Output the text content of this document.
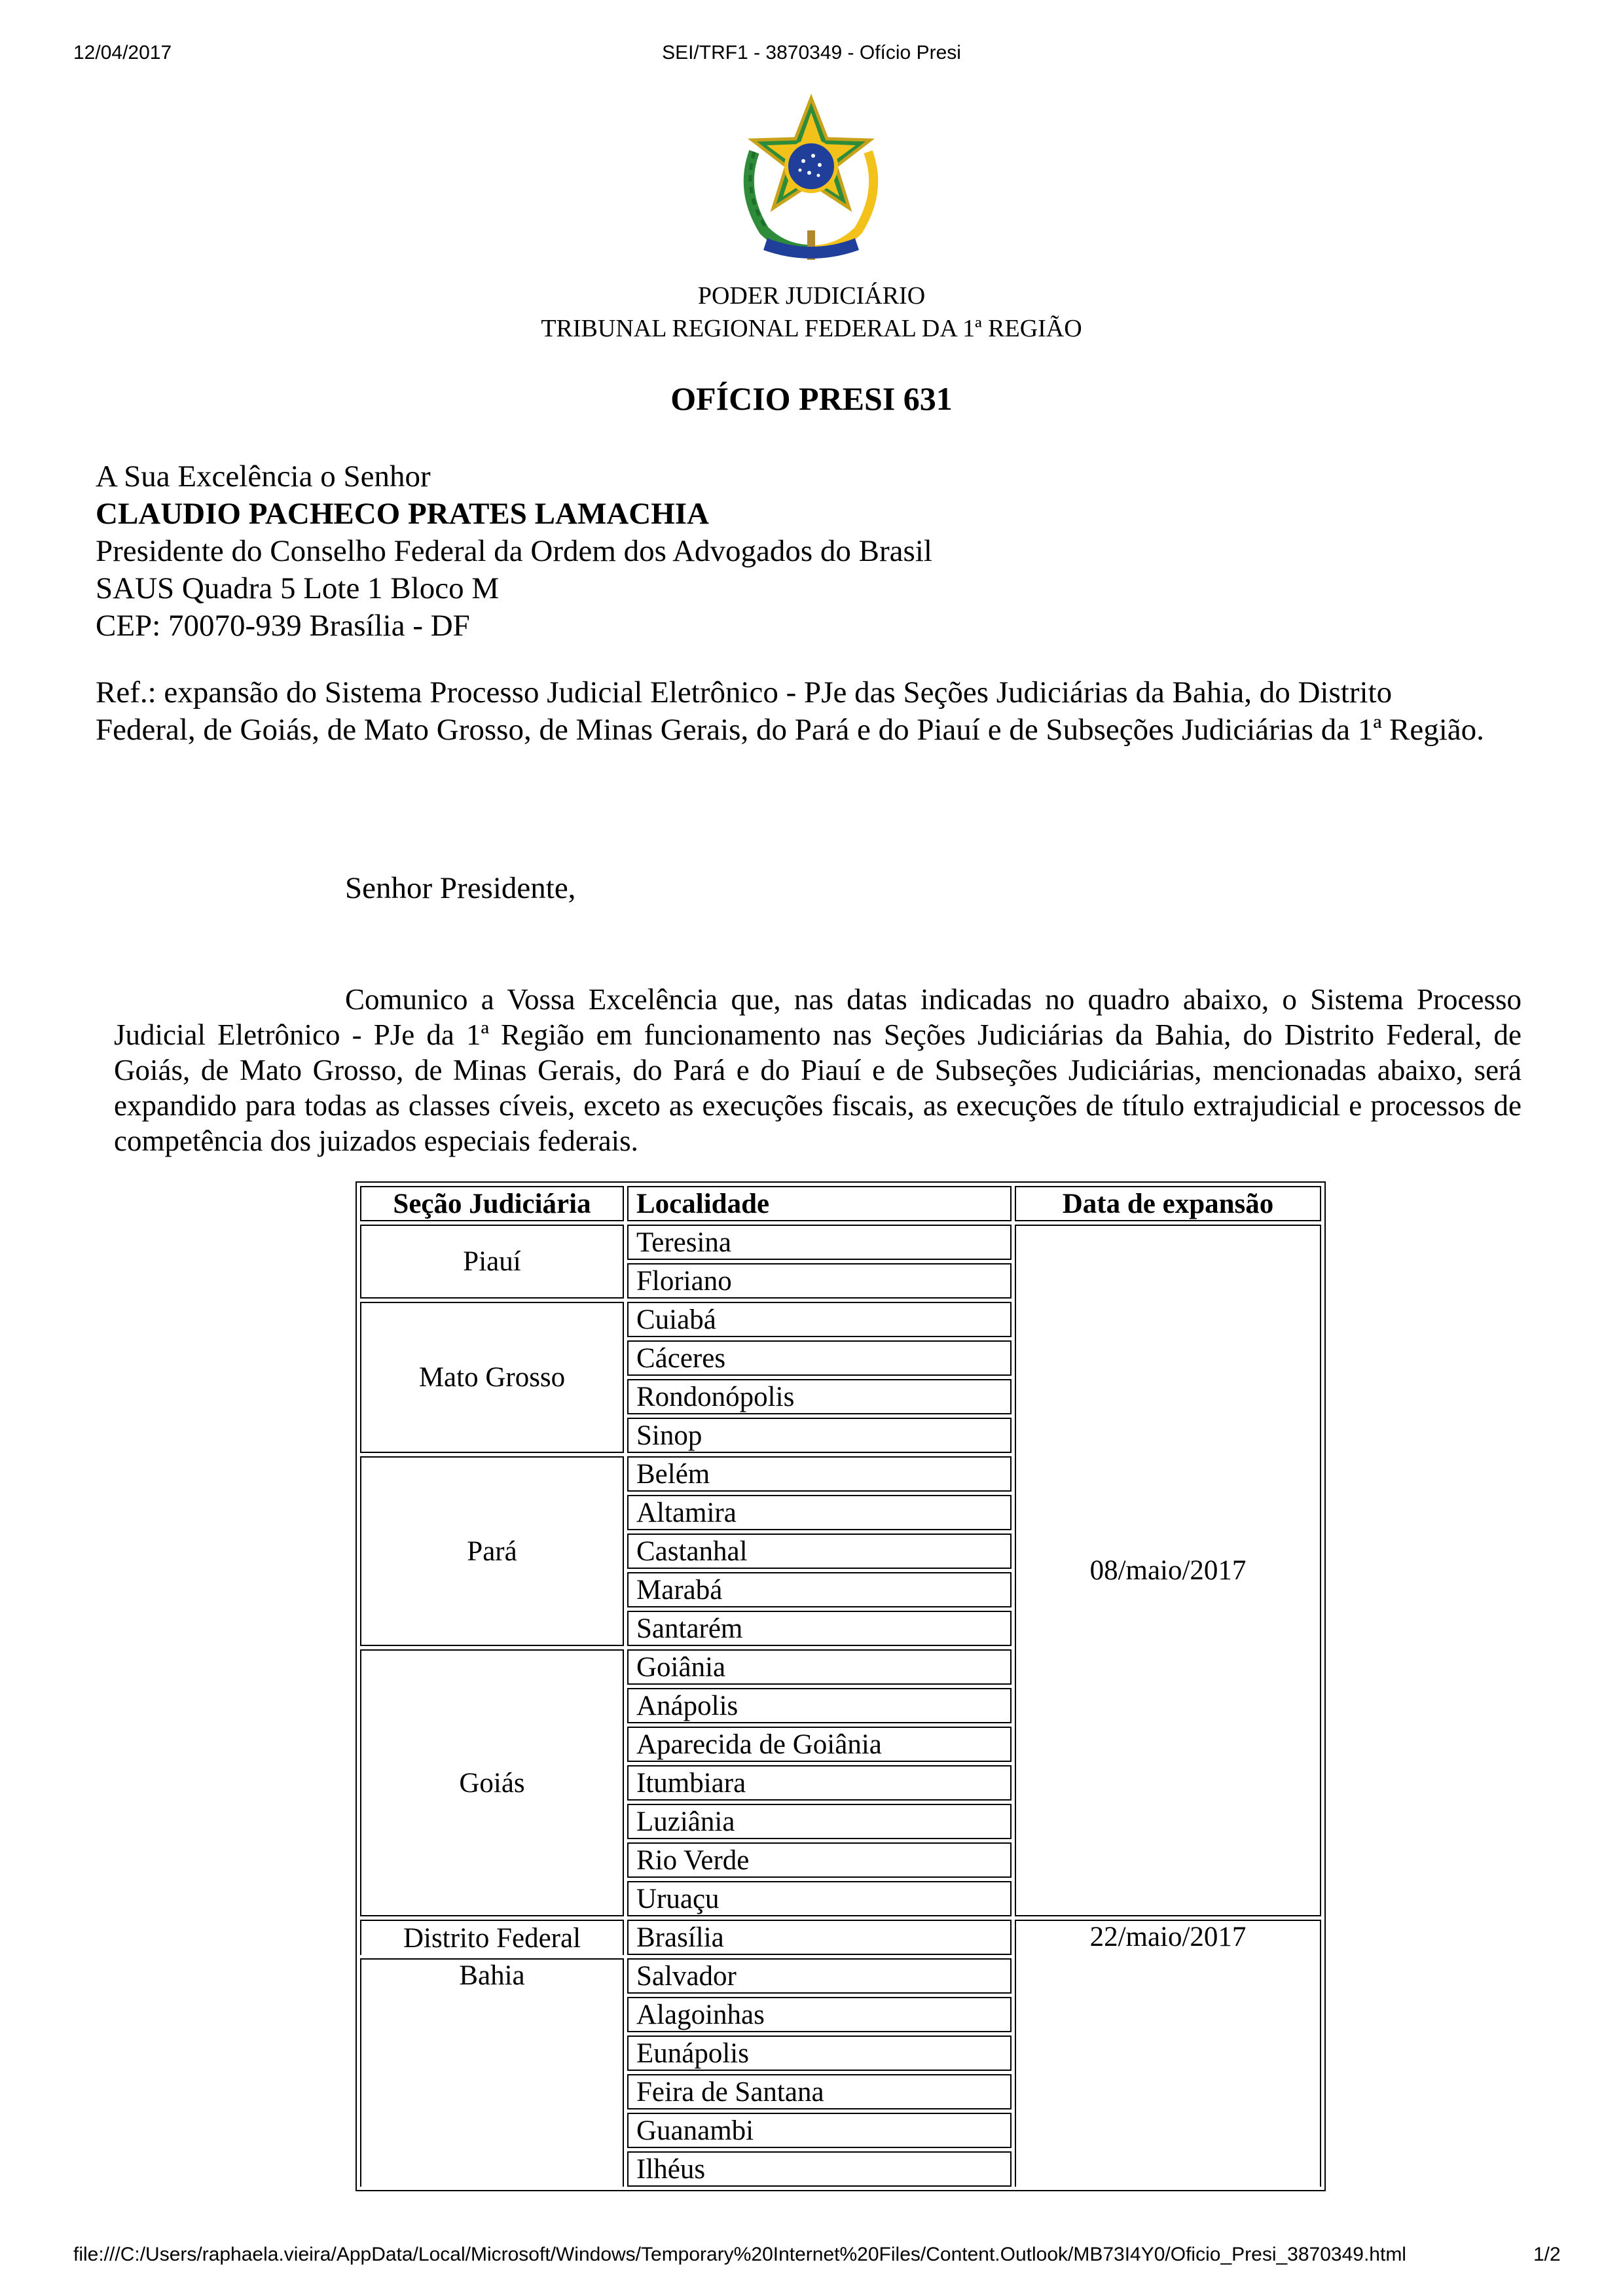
12/04/2017	SEI/TRF1 - 3870349 - Ofício Presi
PODER JUDICIÁRIO
TRIBUNAL REGIONAL FEDERAL DA 1ª REGIÃO
OFÍCIO PRESI 631
A Sua Excelência o Senhor
CLAUDIO PACHECO PRATES LAMACHIA
Presidente do Conselho Federal da Ordem dos Advogados do Brasil
SAUS Quadra 5 Lote 1 Bloco M
CEP: 70070-939 Brasília - DF
Ref.: expansão do Sistema Processo Judicial Eletrônico - PJe das Seções Judiciárias da Bahia, do Distrito Federal, de Goiás, de Mato Grosso, de Minas Gerais, do Pará e do Piauí e de Subseções Judiciárias da 1ª Região.
Senhor Presidente,
Comunico a Vossa Excelência que, nas datas indicadas no quadro abaixo, o Sistema Processo Judicial Eletrônico - PJe da 1ª Região em funcionamento nas Seções Judiciárias da Bahia, do Distrito Federal, de Goiás, de Mato Grosso, de Minas Gerais, do Pará e do Piauí e de Subseções Judiciárias, mencionadas abaixo, será expandido para todas as classes cíveis, exceto as execuções fiscais, as execuções de título extrajudicial e processos de competência dos juizados especiais federais.
Seção Judiciária	Localidade	Data de expansão
Piauí	Teresina	08/maio/2017
	Floriano	
Mato Grosso	Cuiabá	
	Cáceres	
	Rondonópolis	
	Sinop	
Pará	Belém	
	Altamira	
	Castanhal	
	Marabá	
	Santarém	
Goiás	Goiânia	
	Anápolis	
	Aparecida de Goiânia	
	Itumbiara	
	Luziânia	
	Rio Verde	
	Uruaçu	
Distrito Federal	Brasília	22/maio/2017
Bahia	Salvador	
	Alagoinhas	
	Eunápolis	
	Feira de Santana	
	Guanambi	
	Ilhéus	
file:///C:/Users/raphaela.vieira/AppData/Local/Microsoft/Windows/Temporary%20Internet%20Files/Content.Outlook/MB73I4Y0/Oficio_Presi_3870349.html	1/2
